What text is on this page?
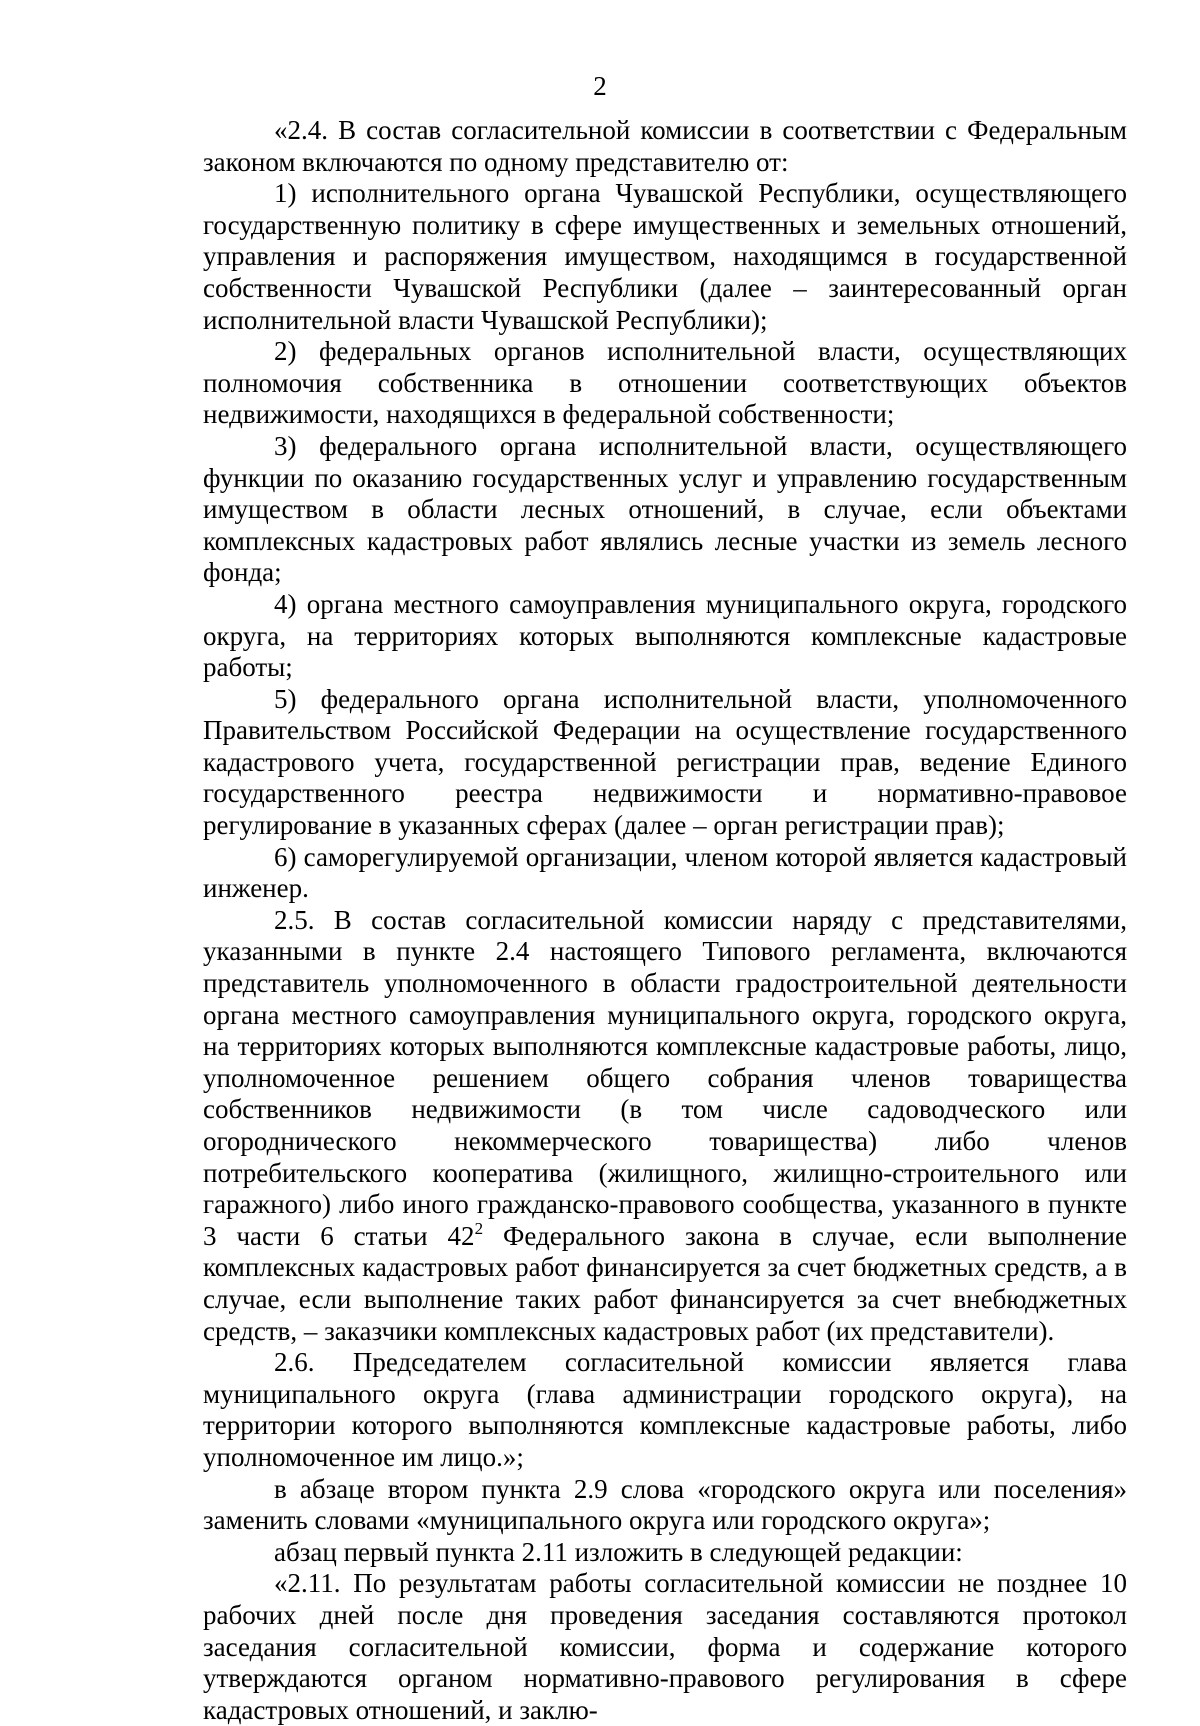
2

«2.4. В состав согласительной комиссии в соответствии с Федеральным законом включаются по одному представителю от:

1) исполнительного органа Чувашской Республики, осуществляющего государственную политику в сфере имущественных и земельных отношений, управления и распоряжения имуществом, находящимся в государственной собственности Чувашской Республики (далее – заинтересованный орган исполнительной власти Чувашской Республики);

2) федеральных органов исполнительной власти, осуществляющих полномочия собственника в отношении соответствующих объектов недвижимости, находящихся в федеральной собственности;

3) федерального органа исполнительной власти, осуществляющего функции по оказанию государственных услуг и управлению государственным имуществом в области лесных отношений, в случае, если объектами комплексных кадастровых работ являлись лесные участки из земель лесного фонда;

4) органа местного самоуправления муниципального округа, городского округа, на территориях которых выполняются комплексные кадастровые работы;

5) федерального органа исполнительной власти, уполномоченного Правительством Российской Федерации на осуществление государственного кадастрового учета, государственной регистрации прав, ведение Единого государственного реестра недвижимости и нормативно-правовое регулирование в указанных сферах (далее – орган регистрации прав);

6) саморегулируемой организации, членом которой является кадастровый инженер.

2.5. В состав согласительной комиссии наряду с представителями, указанными в пункте 2.4 настоящего Типового регламента, включаются представитель уполномоченного в области градостроительной деятельности органа местного самоуправления муниципального округа, городского округа, на территориях которых выполняются комплексные кадастровые работы, лицо, уполномоченное решением общего собрания членов товарищества собственников недвижимости (в том числе садоводческого или огороднического некоммерческого товарищества) либо членов потребительского кооператива (жилищного, жилищно-строительного или гаражного) либо иного гражданско-правового сообщества, указанного в пункте 3 части 6 статьи $42^2$ Федерального закона в случае, если выполнение комплексных кадастровых работ финансируется за счет бюджетных средств, а в случае, если выполнение таких работ финансируется за счет внебюджетных средств, – заказчики комплексных кадастровых работ (их представители).

2.6. Председателем согласительной комиссии является глава муниципального округа (глава администрации городского округа), на территории которого выполняются комплексные кадастровые работы, либо уполномоченное им лицо.»;

в абзаце втором пункта 2.9 слова «городского округа или поселения» заменить словами «муниципального округа или городского округа»;

абзац первый пункта 2.11 изложить в следующей редакции:

«2.11. По результатам работы согласительной комиссии не позднее 10 рабочих дней после дня проведения заседания составляются протокол заседания согласительной комиссии, форма и содержание которого утверждаются органом нормативно-правового регулирования в сфере кадастровых отношений, и заклю-
